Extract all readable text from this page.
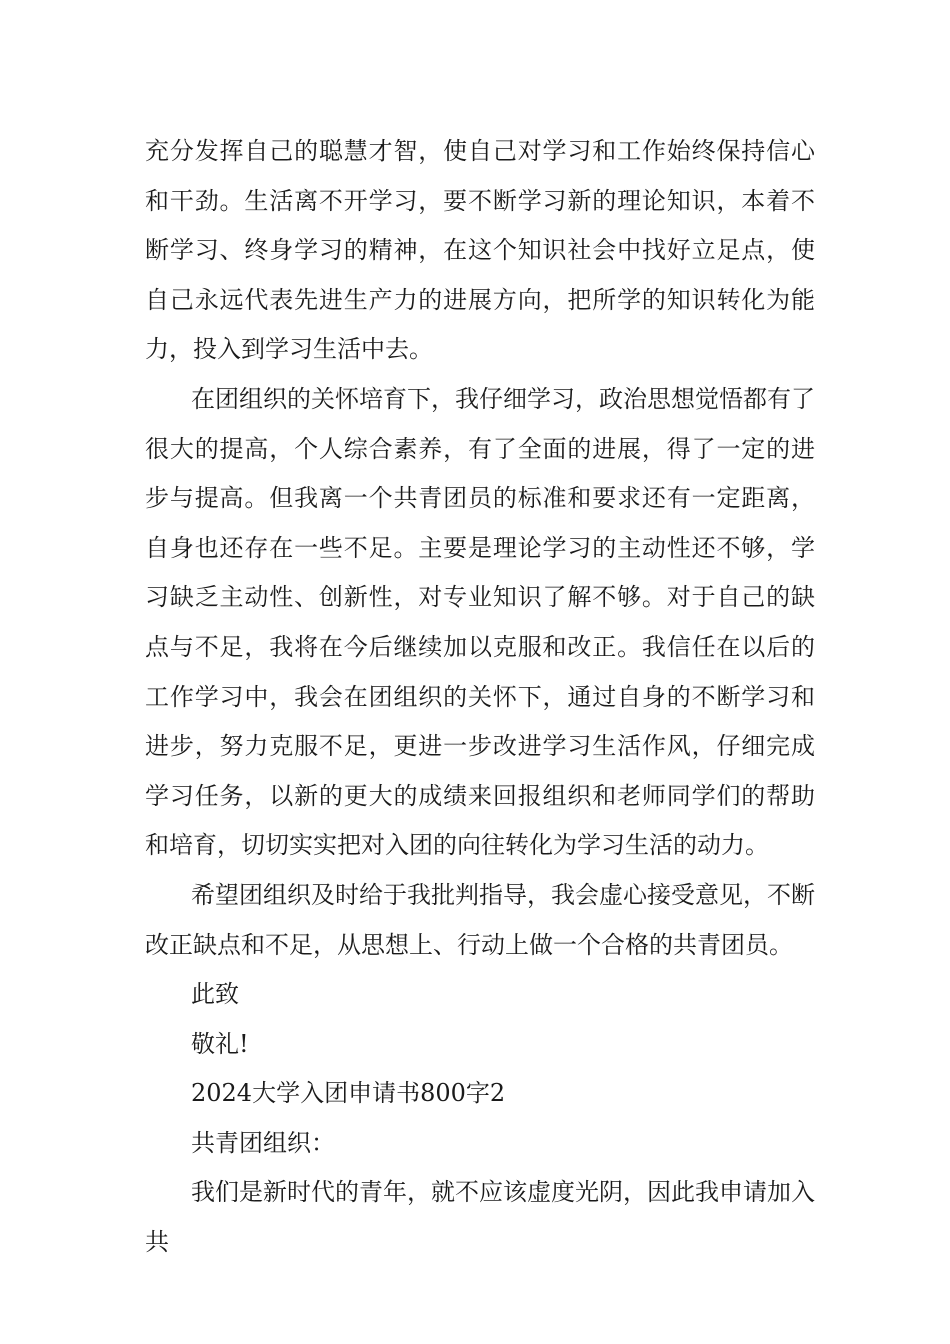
充分发挥自己的聪慧才智，使自己对学习和工作始终保持信心和干劲。生活离不开学习，要不断学习新的理论知识，本着不断学习、终身学习的精神，在这个知识社会中找好立足点，使自己永远代表先进生产力的进展方向，把所学的知识转化为能力，投入到学习生活中去。

在团组织的关怀培育下，我仔细学习，政治思想觉悟都有了很大的提高，个人综合素养，有了全面的进展，得了一定的进步与提高。但我离一个共青团员的标准和要求还有一定距离，自身也还存在一些不足。主要是理论学习的主动性还不够，学习缺乏主动性、创新性，对专业知识了解不够。对于自己的缺点与不足，我将在今后继续加以克服和改正。我信任在以后的工作学习中，我会在团组织的关怀下，通过自身的不断学习和进步，努力克服不足，更进一步改进学习生活作风，仔细完成学习任务，以新的更大的成绩来回报组织和老师同学们的帮助和培育，切切实实把对入团的向往转化为学习生活的动力。

希望团组织及时给于我批判指导，我会虚心接受意见，不断改正缺点和不足，从思想上、行动上做一个合格的共青团员。

此致

敬礼!

2024大学入团申请书800字2

共青团组织：

我们是新时代的青年，就不应该虚度光阴，因此我申请加入共
